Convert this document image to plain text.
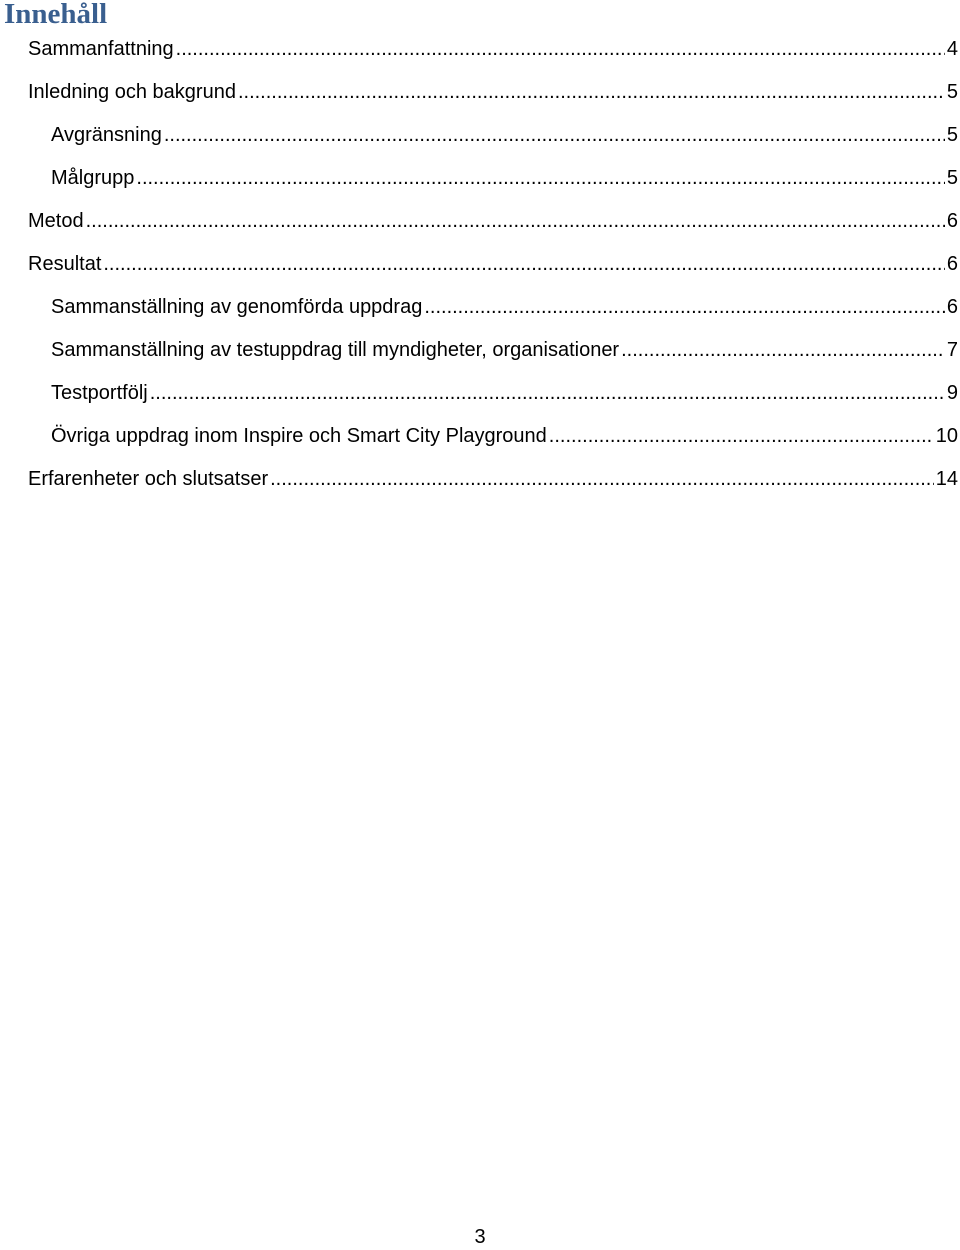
Innehåll
Sammanfattning .....	4
Inledning och bakgrund .....	5
Avgränsning .....	5
Målgrupp .....	5
Metod .....	6
Resultat .....	6
Sammanställning av genomförda uppdrag .....	6
Sammanställning av testuppdrag till myndigheter, organisationer .....	7
Testportfölj .....	9
Övriga uppdrag inom Inspire och Smart City Playground .....	10
Erfarenheter och slutsatser .....	14
3
